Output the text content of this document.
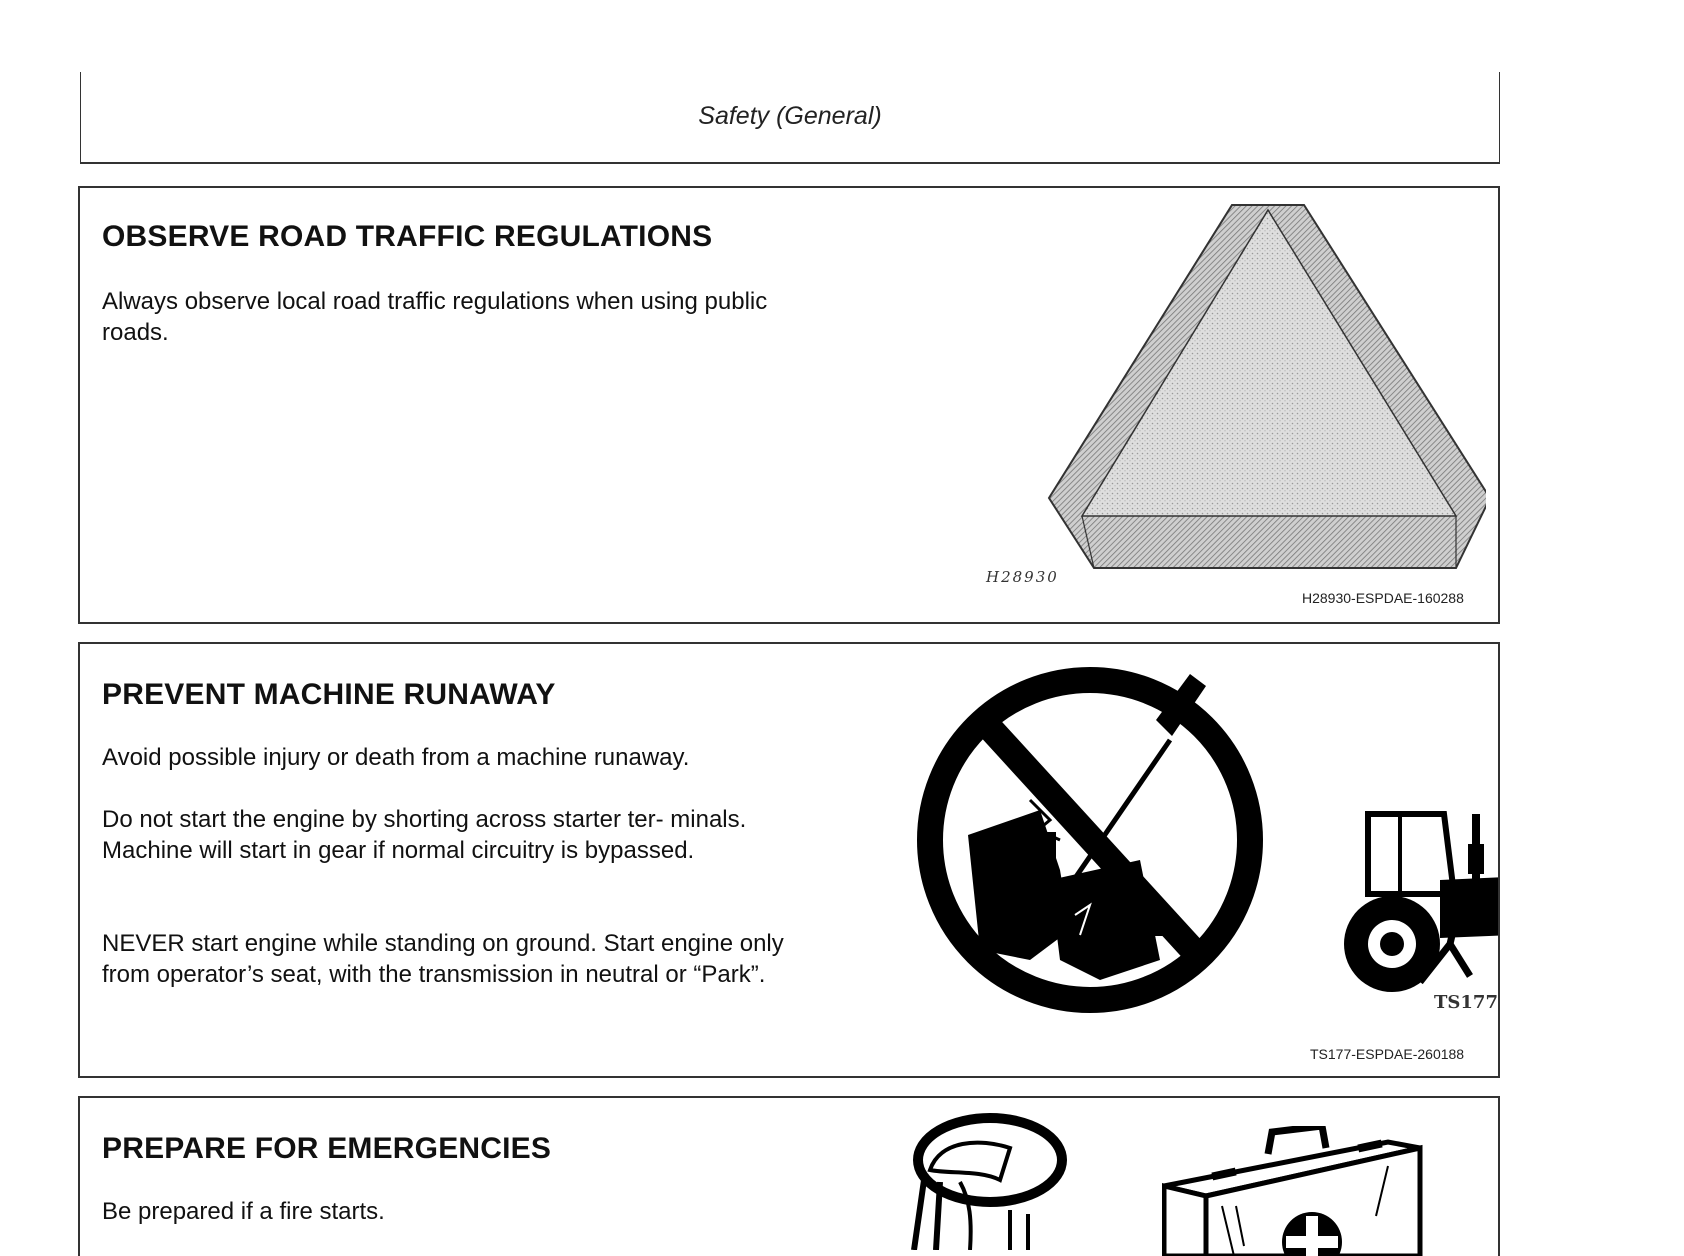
Safety (General)
OBSERVE ROAD TRAFFIC REGULATIONS

Always observe local road traffic regulations when using public roads.

H28930
H28930-ESPDAE-160288
PREVENT MACHINE RUNAWAY

Avoid possible injury or death from a machine runaway.

Do not start the engine by shorting across starter ter- minals. Machine will start in gear if normal circuitry is bypassed.

NEVER start engine while standing on ground. Start engine only from operator’s seat, with the transmission in neutral or “Park”.

TS177
TS177-ESPDAE-260188
PREPARE FOR EMERGENCIES

Be prepared if a fire starts.
